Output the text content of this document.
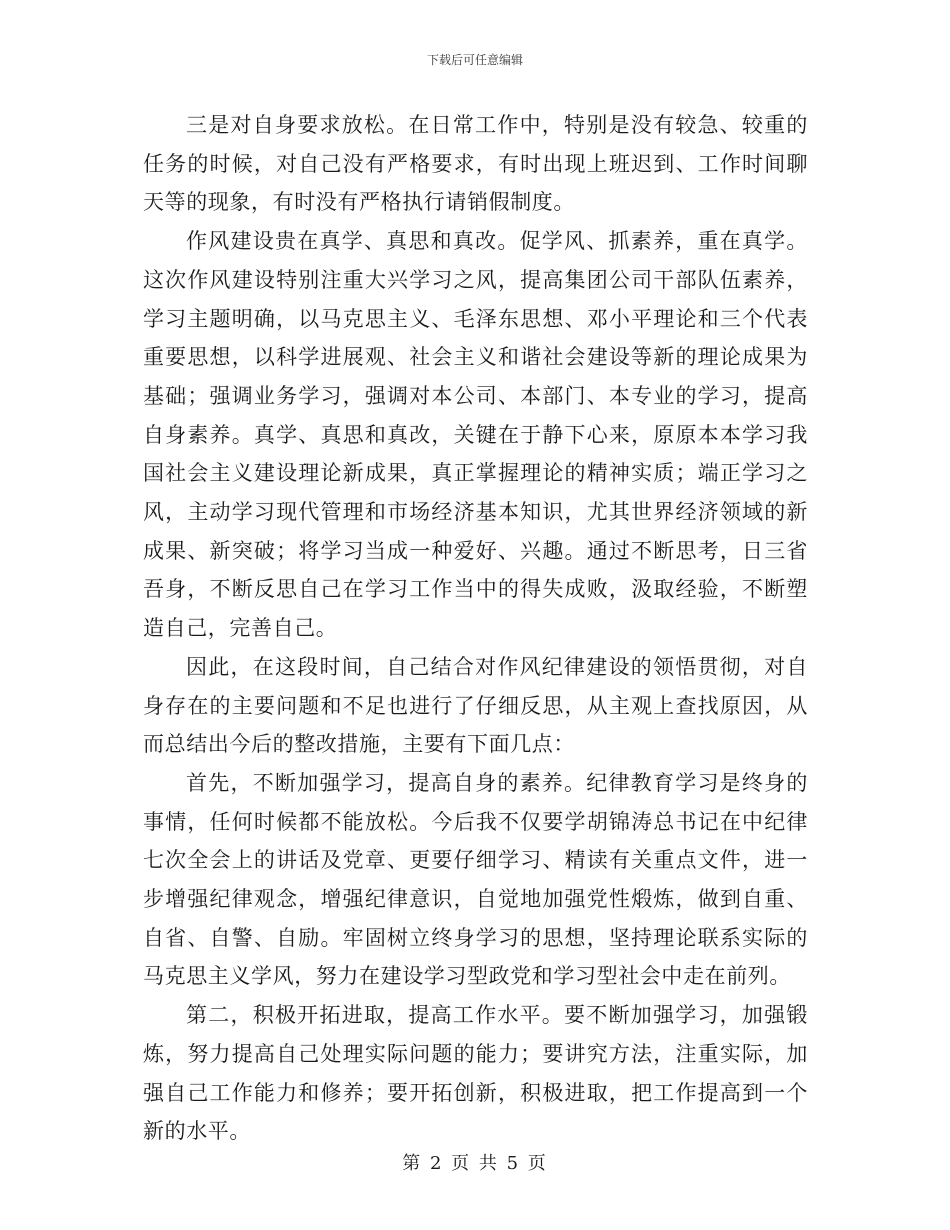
下载后可任意编辑

三是对自身要求放松。在日常工作中，特别是没有较急、较重的任务的时候，对自己没有严格要求，有时出现上班迟到、工作时间聊天等的现象，有时没有严格执行请销假制度。

作风建设贵在真学、真思和真改。促学风、抓素养，重在真学。这次作风建设特别注重大兴学习之风，提高集团公司干部队伍素养，学习主题明确，以马克思主义、毛泽东思想、邓小平理论和三个代表重要思想，以科学进展观、社会主义和谐社会建设等新的理论成果为基础；强调业务学习，强调对本公司、本部门、本专业的学习，提高自身素养。真学、真思和真改，关键在于静下心来，原原本本学习我国社会主义建设理论新成果，真正掌握理论的精神实质；端正学习之风，主动学习现代管理和市场经济基本知识，尤其世界经济领域的新成果、新突破；将学习当成一种爱好、兴趣。通过不断思考，日三省吾身，不断反思自己在学习工作当中的得失成败，汲取经验，不断塑造自己，完善自己。

因此，在这段时间，自己结合对作风纪律建设的领悟贯彻，对自身存在的主要问题和不足也进行了仔细反思，从主观上查找原因，从而总结出今后的整改措施，主要有下面几点：

首先，不断加强学习，提高自身的素养。纪律教育学习是终身的事情，任何时候都不能放松。今后我不仅要学胡锦涛总书记在中纪律七次全会上的讲话及党章、更要仔细学习、精读有关重点文件，进一步增强纪律观念，增强纪律意识，自觉地加强党性煅炼，做到自重、自省、自警、自励。牢固树立终身学习的思想，坚持理论联系实际的马克思主义学风，努力在建设学习型政党和学习型社会中走在前列。

第二，积极开拓进取，提高工作水平。要不断加强学习，加强锻炼，努力提高自己处理实际问题的能力；要讲究方法，注重实际，加强自己工作能力和修养；要开拓创新，积极进取，把工作提高到一个新的水平。

第 2 页 共 5 页
